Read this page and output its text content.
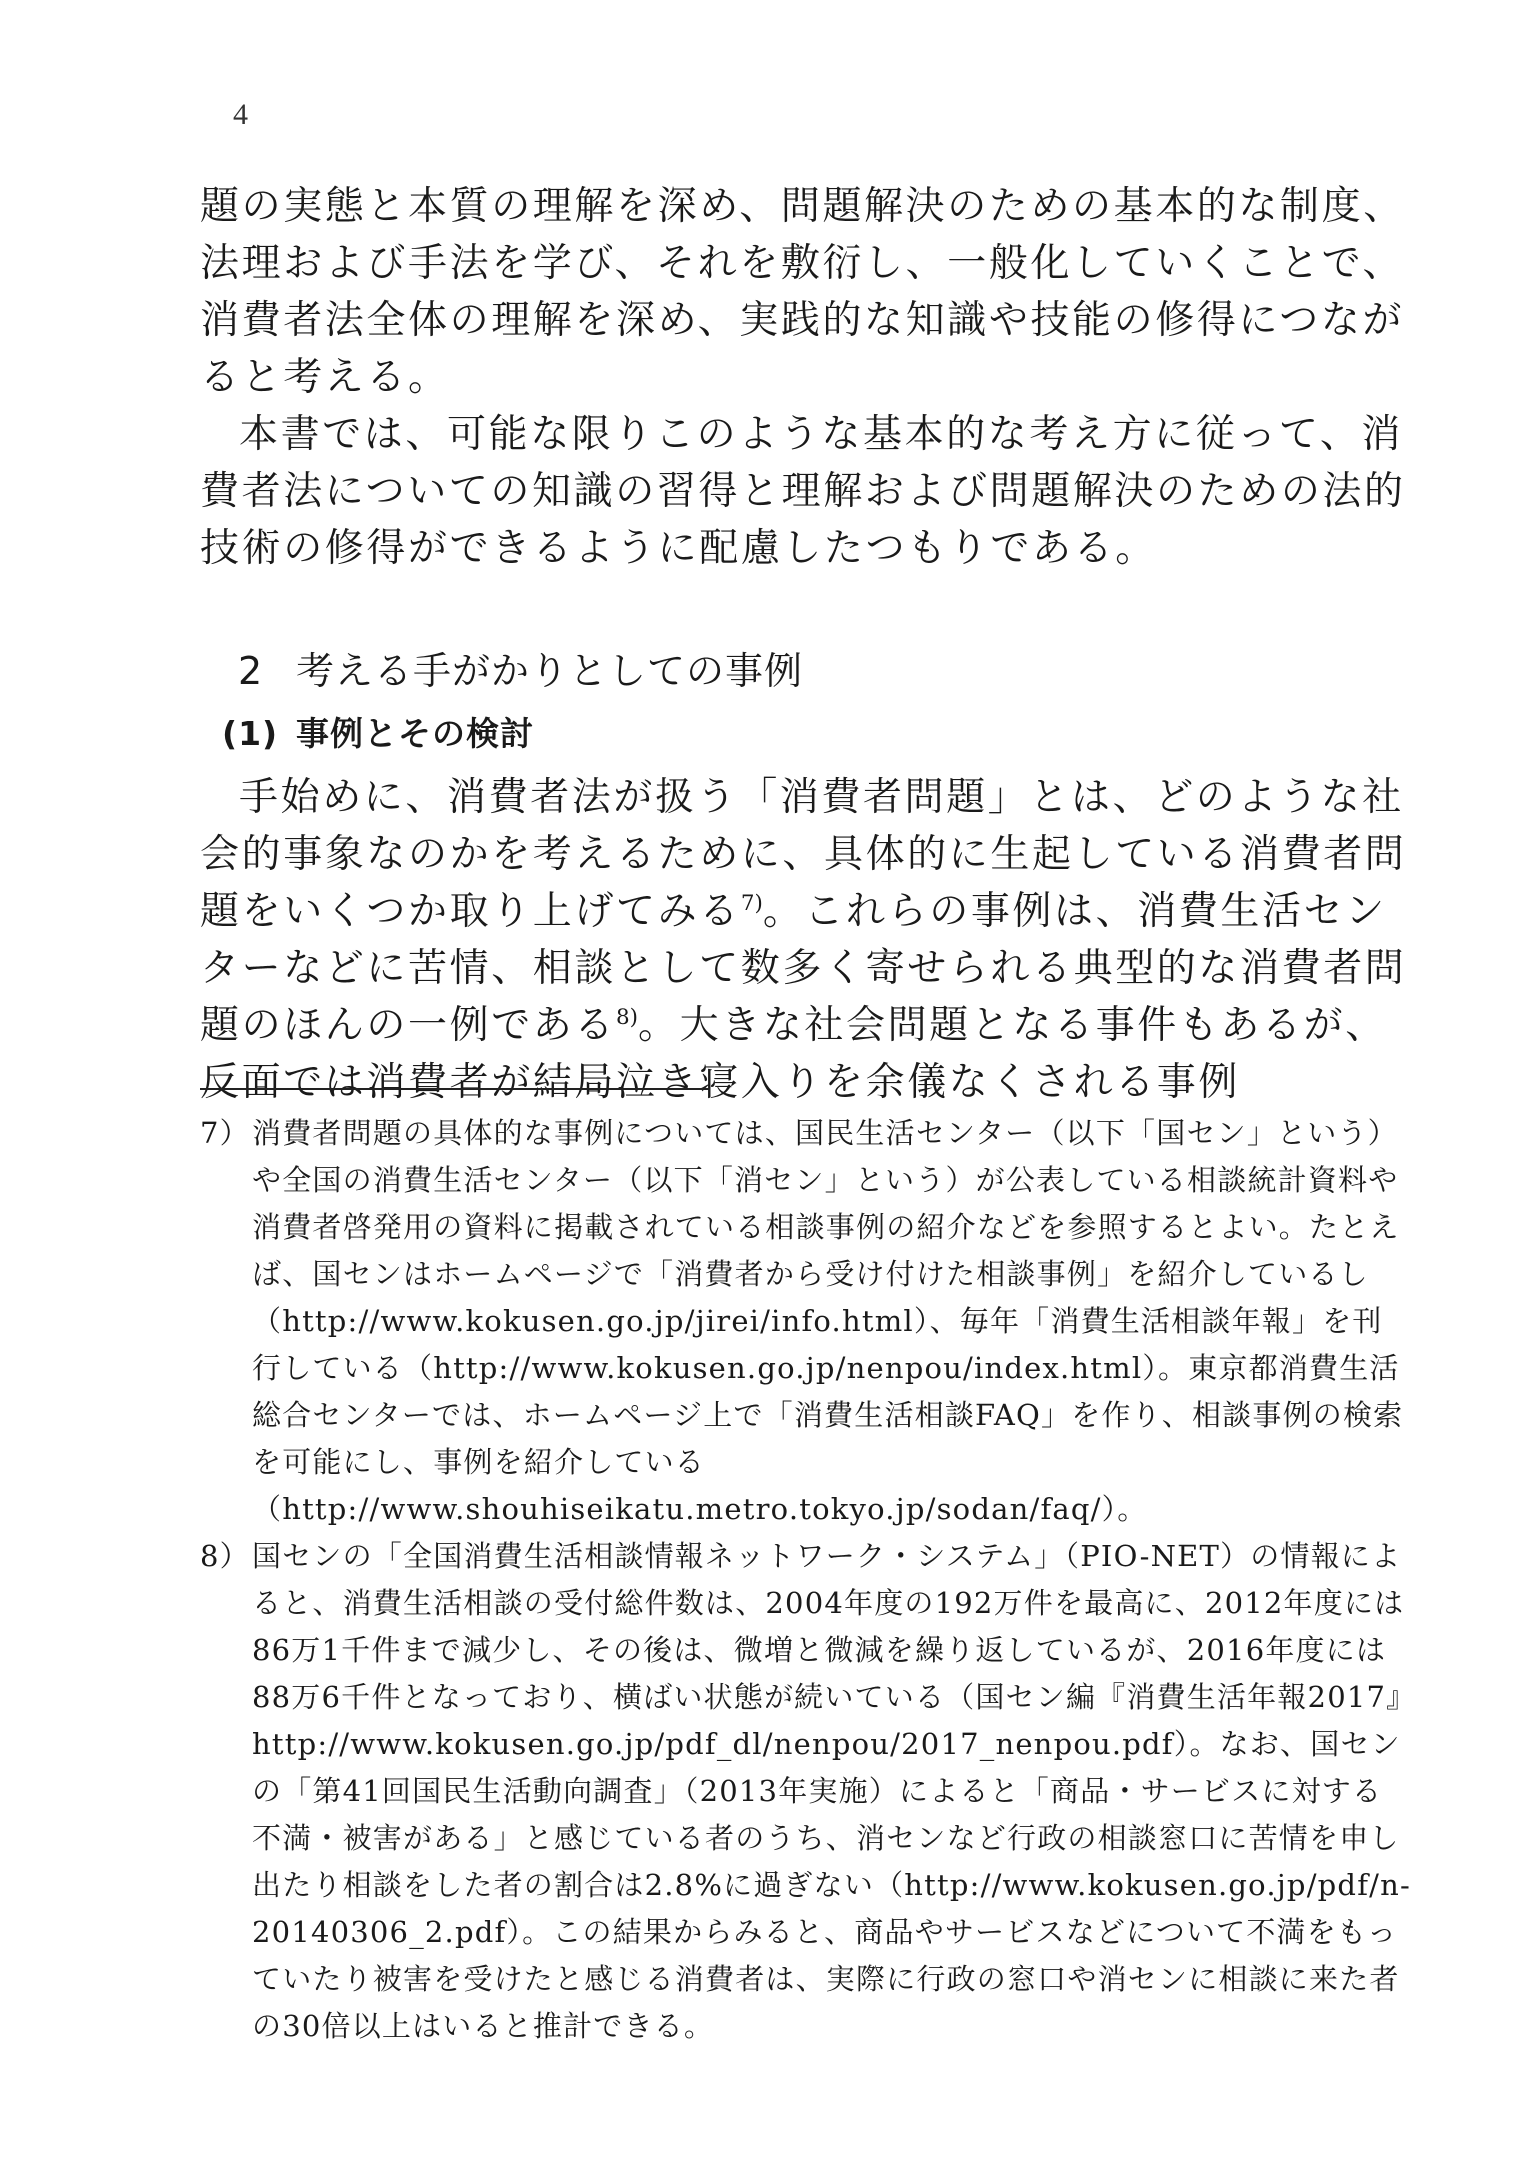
4

題の実態と本質の理解を深め、問題解決のための基本的な制度、法理および手法を学び、それを敷衍し、一般化していくことで、消費者法全体の理解を深め、実践的な知識や技能の修得につながると考える。

本書では、可能な限りこのような基本的な考え方に従って、消費者法についての知識の習得と理解および問題解決のための法的技術の修得ができるように配慮したつもりである。

2 考える手がかりとしての事例
(1) 事例とその検討

手始めに、消費者法が扱う「消費者問題」とは、どのような社会的事象なのかを考えるために、具体的に生起している消費者問題をいくつか取り上げてみる$^{7)}$。これらの事例は、消費生活センターなどに苦情、相談として数多く寄せられる典型的な消費者問題のほんの一例である$^{8)}$。大きな社会問題となる事件もあるが、反面では消費者が結局泣き寝入りを余儀なくされる事例

7） 消費者問題の具体的な事例については、国民生活センター（以下「国セン」という）や全国の消費生活センター（以下「消セン」という）が公表している相談統計資料や消費者啓発用の資料に掲載されている相談事例の紹介などを参照するとよい。たとえば、国センはホームページで「消費者から受け付けた相談事例」を紹介しているし（http://www.kokusen.go.jp/jirei/info.html）、毎年「消費生活相談年報」を刊行している（http://www.kokusen.go.jp/nenpou/index.html）。東京都消費生活総合センターでは、ホームページ上で「消費生活相談FAQ」を作り、相談事例の検索を可能にし、事例を紹介している（http://www.shouhiseikatu.metro.tokyo.jp/sodan/faq/）。
8） 国センの「全国消費生活相談情報ネットワーク・システム」（PIO-NET）の情報によると、消費生活相談の受付総件数は、2004年度の192万件を最高に、2012年度には86万1千件まで減少し、その後は、微増と微減を繰り返しているが、2016年度には88万6千件となっており、横ばい状態が続いている（国セン編『消費生活年報2017』http://www.kokusen.go.jp/pdf_dl/nenpou/2017_nenpou.pdf）。なお、国センの「第41回国民生活動向調査」（2013年実施）によると「商品・サービスに対する不満・被害がある」と感じている者のうち、消センなど行政の相談窓口に苦情を申し出たり相談をした者の割合は2.8%に過ぎない（http://www.kokusen.go.jp/pdf/n-20140306_2.pdf）。この結果からみると、商品やサービスなどについて不満をもっていたり被害を受けたと感じる消費者は、実際に行政の窓口や消センに相談に来た者の30倍以上はいると推計できる。
